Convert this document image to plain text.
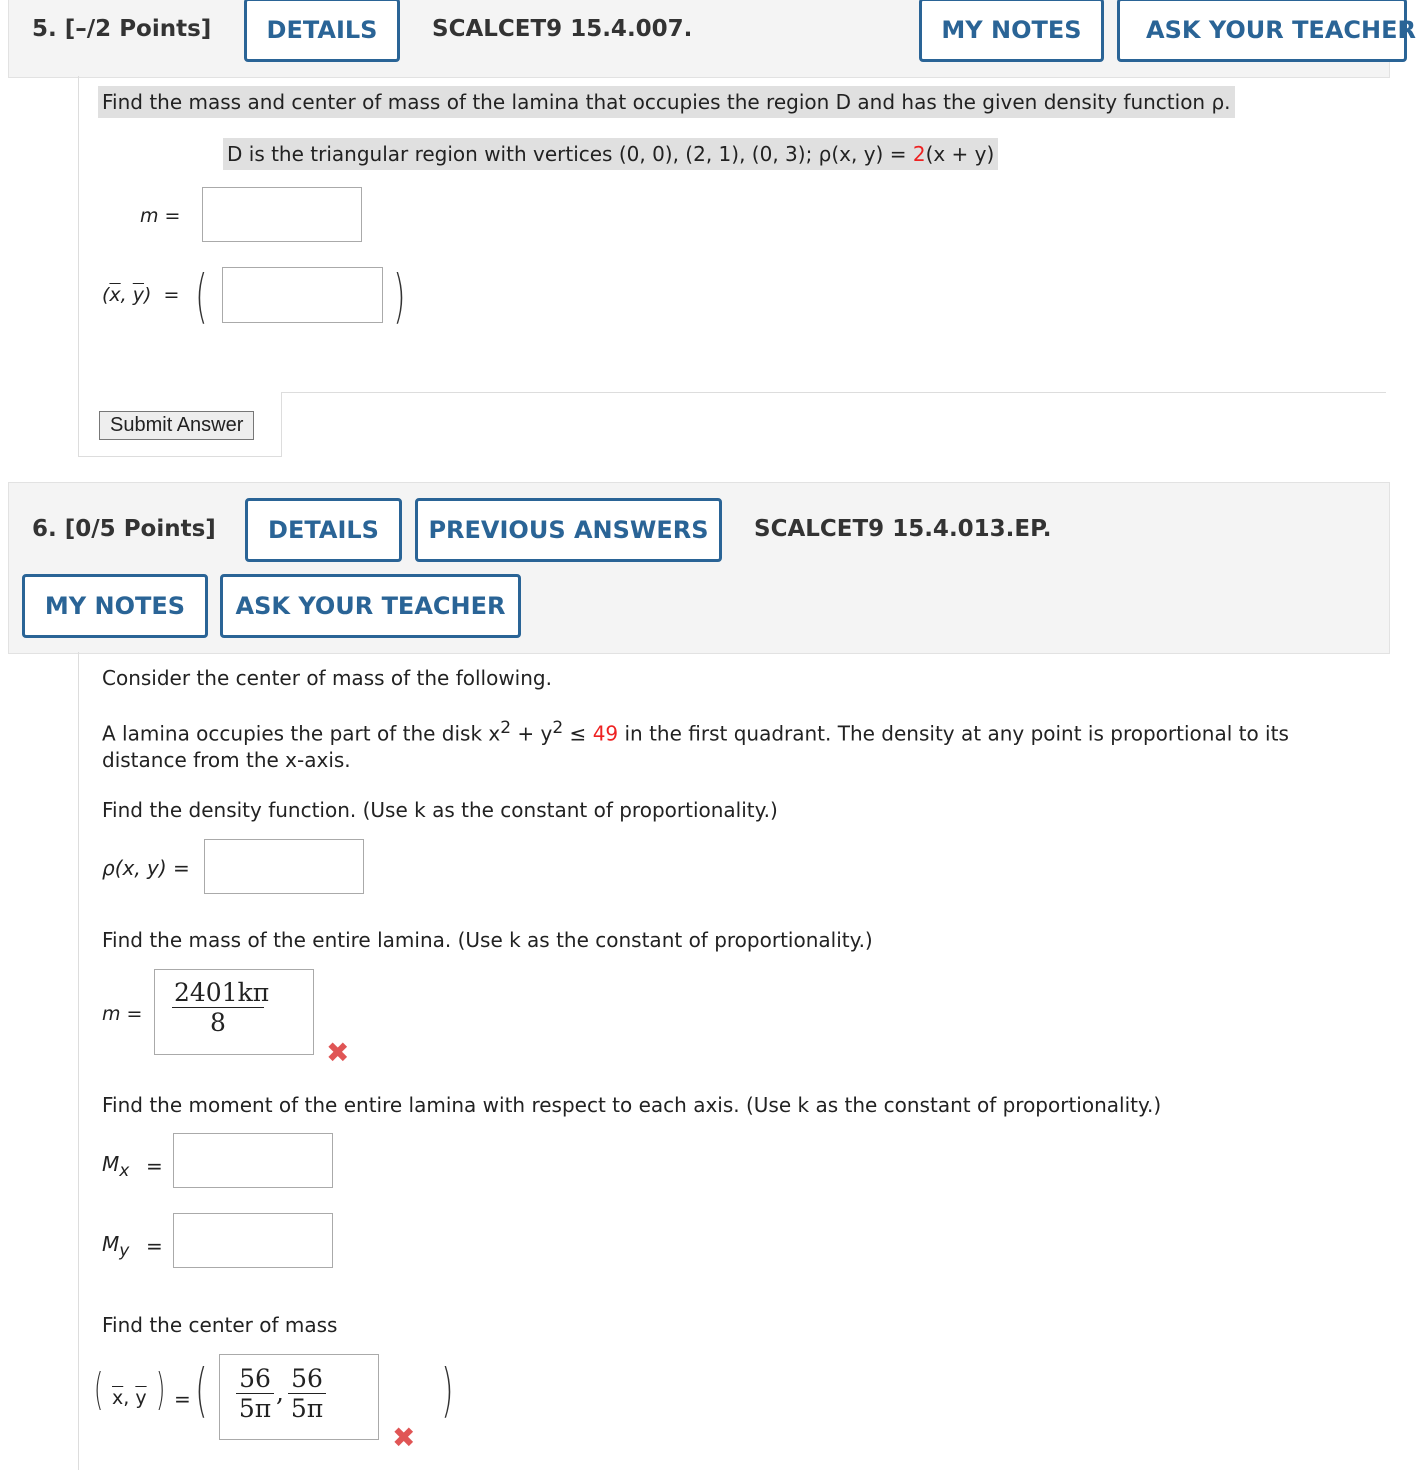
5. [–/2 Points]	DETAILS	SCALCET9 15.4.007.	MY NOTES	ASK YOUR TEACHER
Find the mass and center of mass of the lamina that occupies the region D and has the given density function ρ.
D is the triangular region with vertices (0, 0), (2, 1), (0, 3); ρ(x, y) = 2(x + y)
m =
($\overline{x}$, $\overline{y}$)  = (	)
Submit Answer
6. [0/5 Points]	DETAILS	PREVIOUS ANSWERS	SCALCET9 15.4.013.EP.
MY NOTES	ASK YOUR TEACHER
Consider the center of mass of the following.
A lamina occupies the part of the disk $x^2 + y^2 \le 49$ in the first quadrant. The density at any point is proportional to its
distance from the x-axis.
Find the density function. (Use k as the constant of proportionality.)
ρ(x, y) =
Find the mass of the entire lamina. (Use k as the constant of proportionality.)
$m = \frac{2401k\pi}{8}$
✖
Find the moment of the entire lamina with respect to each axis. (Use k as the constant of proportionality.)
$M_x$ =
$M_y$ =
Find the center of mass
( $\overline{x}$, $\overline{y}$ ) = ( $\frac{56}{5\pi}$ , $\frac{56}{5\pi}$
✖
)
